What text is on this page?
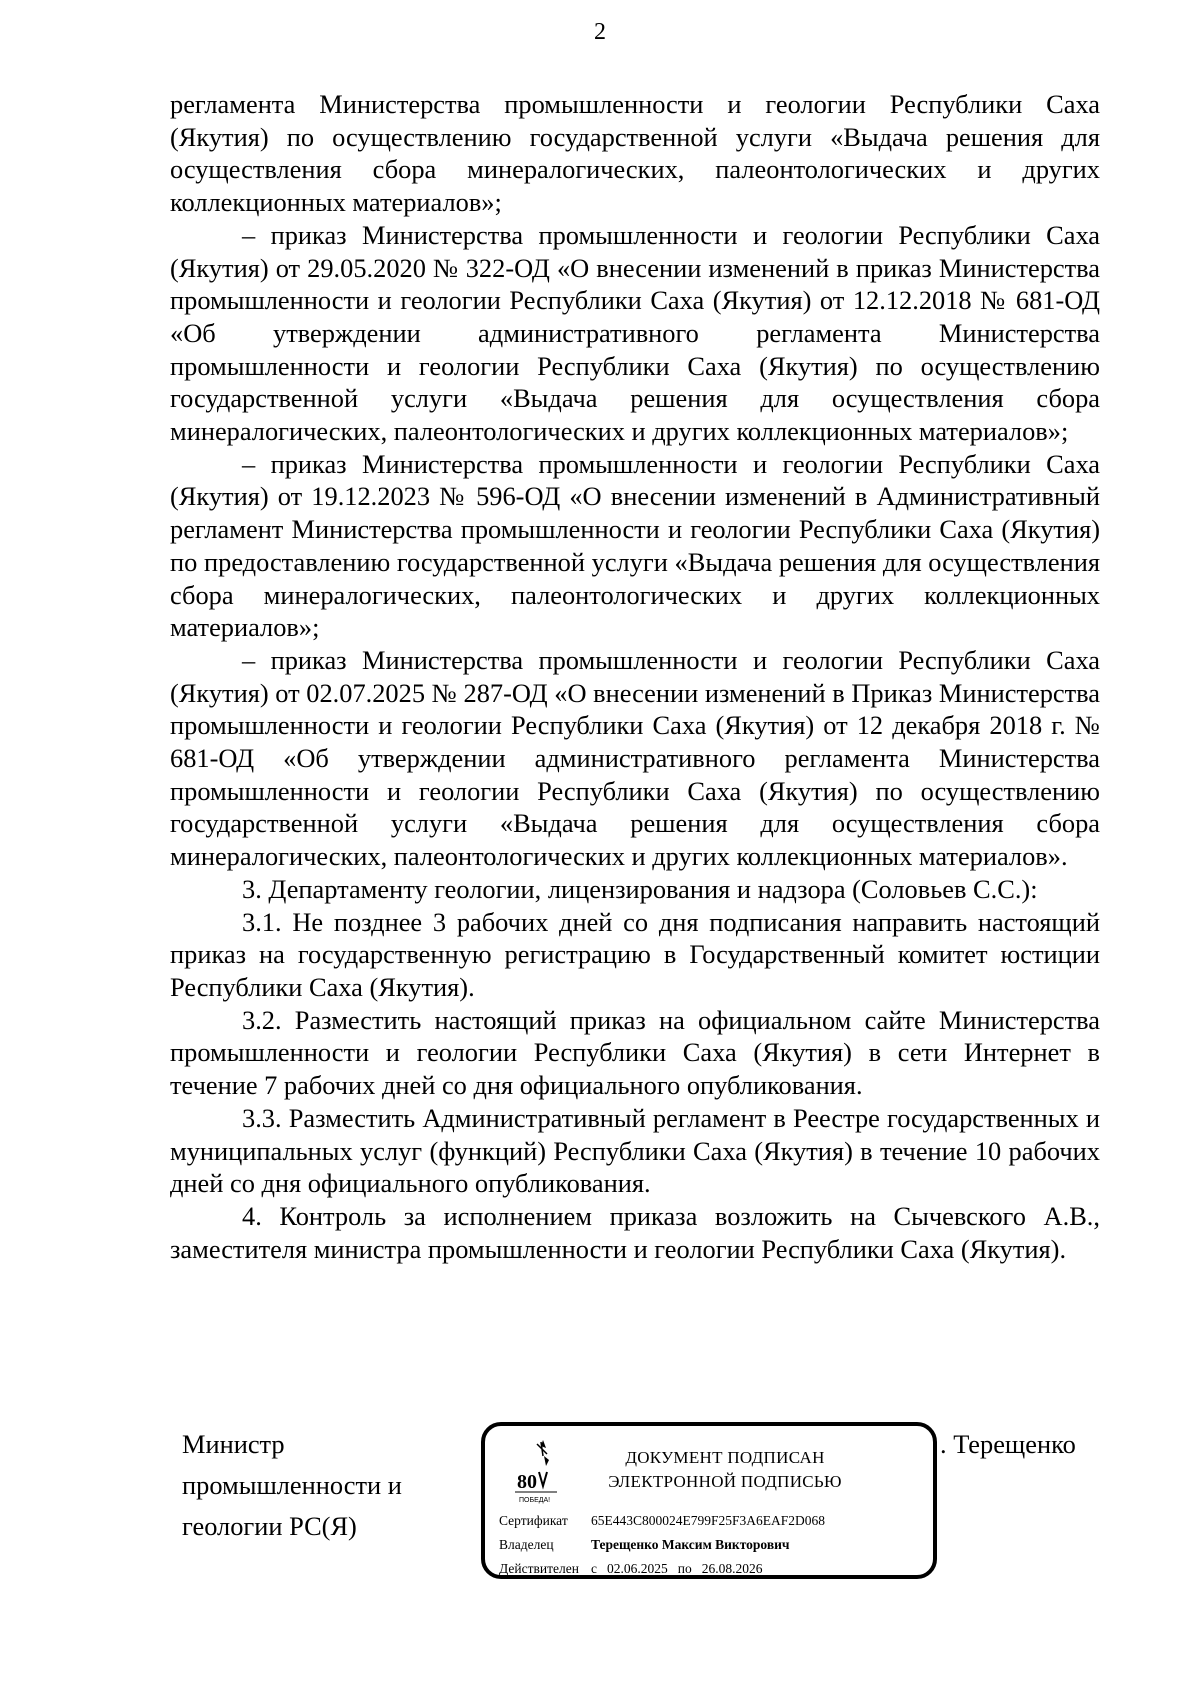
2

регламента Министерства промышленности и геологии Республики Саха (Якутия) по осуществлению государственной услуги «Выдача решения для осуществления сбора минералогических, палеонтологических и других коллекционных материалов»;

– приказ Министерства промышленности и геологии Республики Саха (Якутия) от 29.05.2020 № 322-ОД «О внесении изменений в приказ Министерства промышленности и геологии Республики Саха (Якутия) от 12.12.2018 № 681-ОД «Об утверждении административного регламента Министерства промышленности и геологии Республики Саха (Якутия) по осуществлению государственной услуги «Выдача решения для осуществления сбора минералогических, палеонтологических и других коллекционных материалов»;

– приказ Министерства промышленности и геологии Республики Саха (Якутия) от 19.12.2023 № 596-ОД «О внесении изменений в Административный регламент Министерства промышленности и геологии Республики Саха (Якутия) по предоставлению государственной услуги «Выдача решения для осуществления сбора минералогических, палеонтологических и других коллекционных материалов»;

– приказ Министерства промышленности и геологии Республики Саха (Якутия) от 02.07.2025 № 287-ОД «О внесении изменений в Приказ Министерства промышленности и геологии Республики Саха (Якутия) от 12 декабря 2018 г. № 681-ОД «Об утверждении административного регламента Министерства промышленности и геологии Республики Саха (Якутия) по осуществлению государственной услуги «Выдача решения для осуществления сбора минералогических, палеонтологических и других коллекционных материалов».

3. Департаменту геологии, лицензирования и надзора (Соловьев С.С.):

3.1. Не позднее 3 рабочих дней со дня подписания направить настоящий приказ на государственную регистрацию в Государственный комитет юстиции Республики Саха (Якутия).

3.2. Разместить настоящий приказ на официальном сайте Министерства промышленности и геологии Республики Саха (Якутия) в сети Интернет в течение 7 рабочих дней со дня официального опубликования.

3.3. Разместить Административный регламент в Реестре государственных и муниципальных услуг (функций) Республики Саха (Якутия) в течение 10 рабочих дней со дня официального опубликования.

4. Контроль за исполнением приказа возложить на Сычевского А.В., заместителя министра промышленности и геологии Республики Саха (Якутия).

Министр
промышленности и
геологии РС(Я)
. Терещенко
80
ПОБЕДА!
ДОКУМЕНТ ПОДПИСАН
ЭЛЕКТРОННОЙ ПОДПИСЬЮ
Сертификат 65E443C800024E799F25F3A6EAF2D068
Владелец	Терещенко Максим Викторович
Действителен с 02.06.2025 по 26.08.2026
